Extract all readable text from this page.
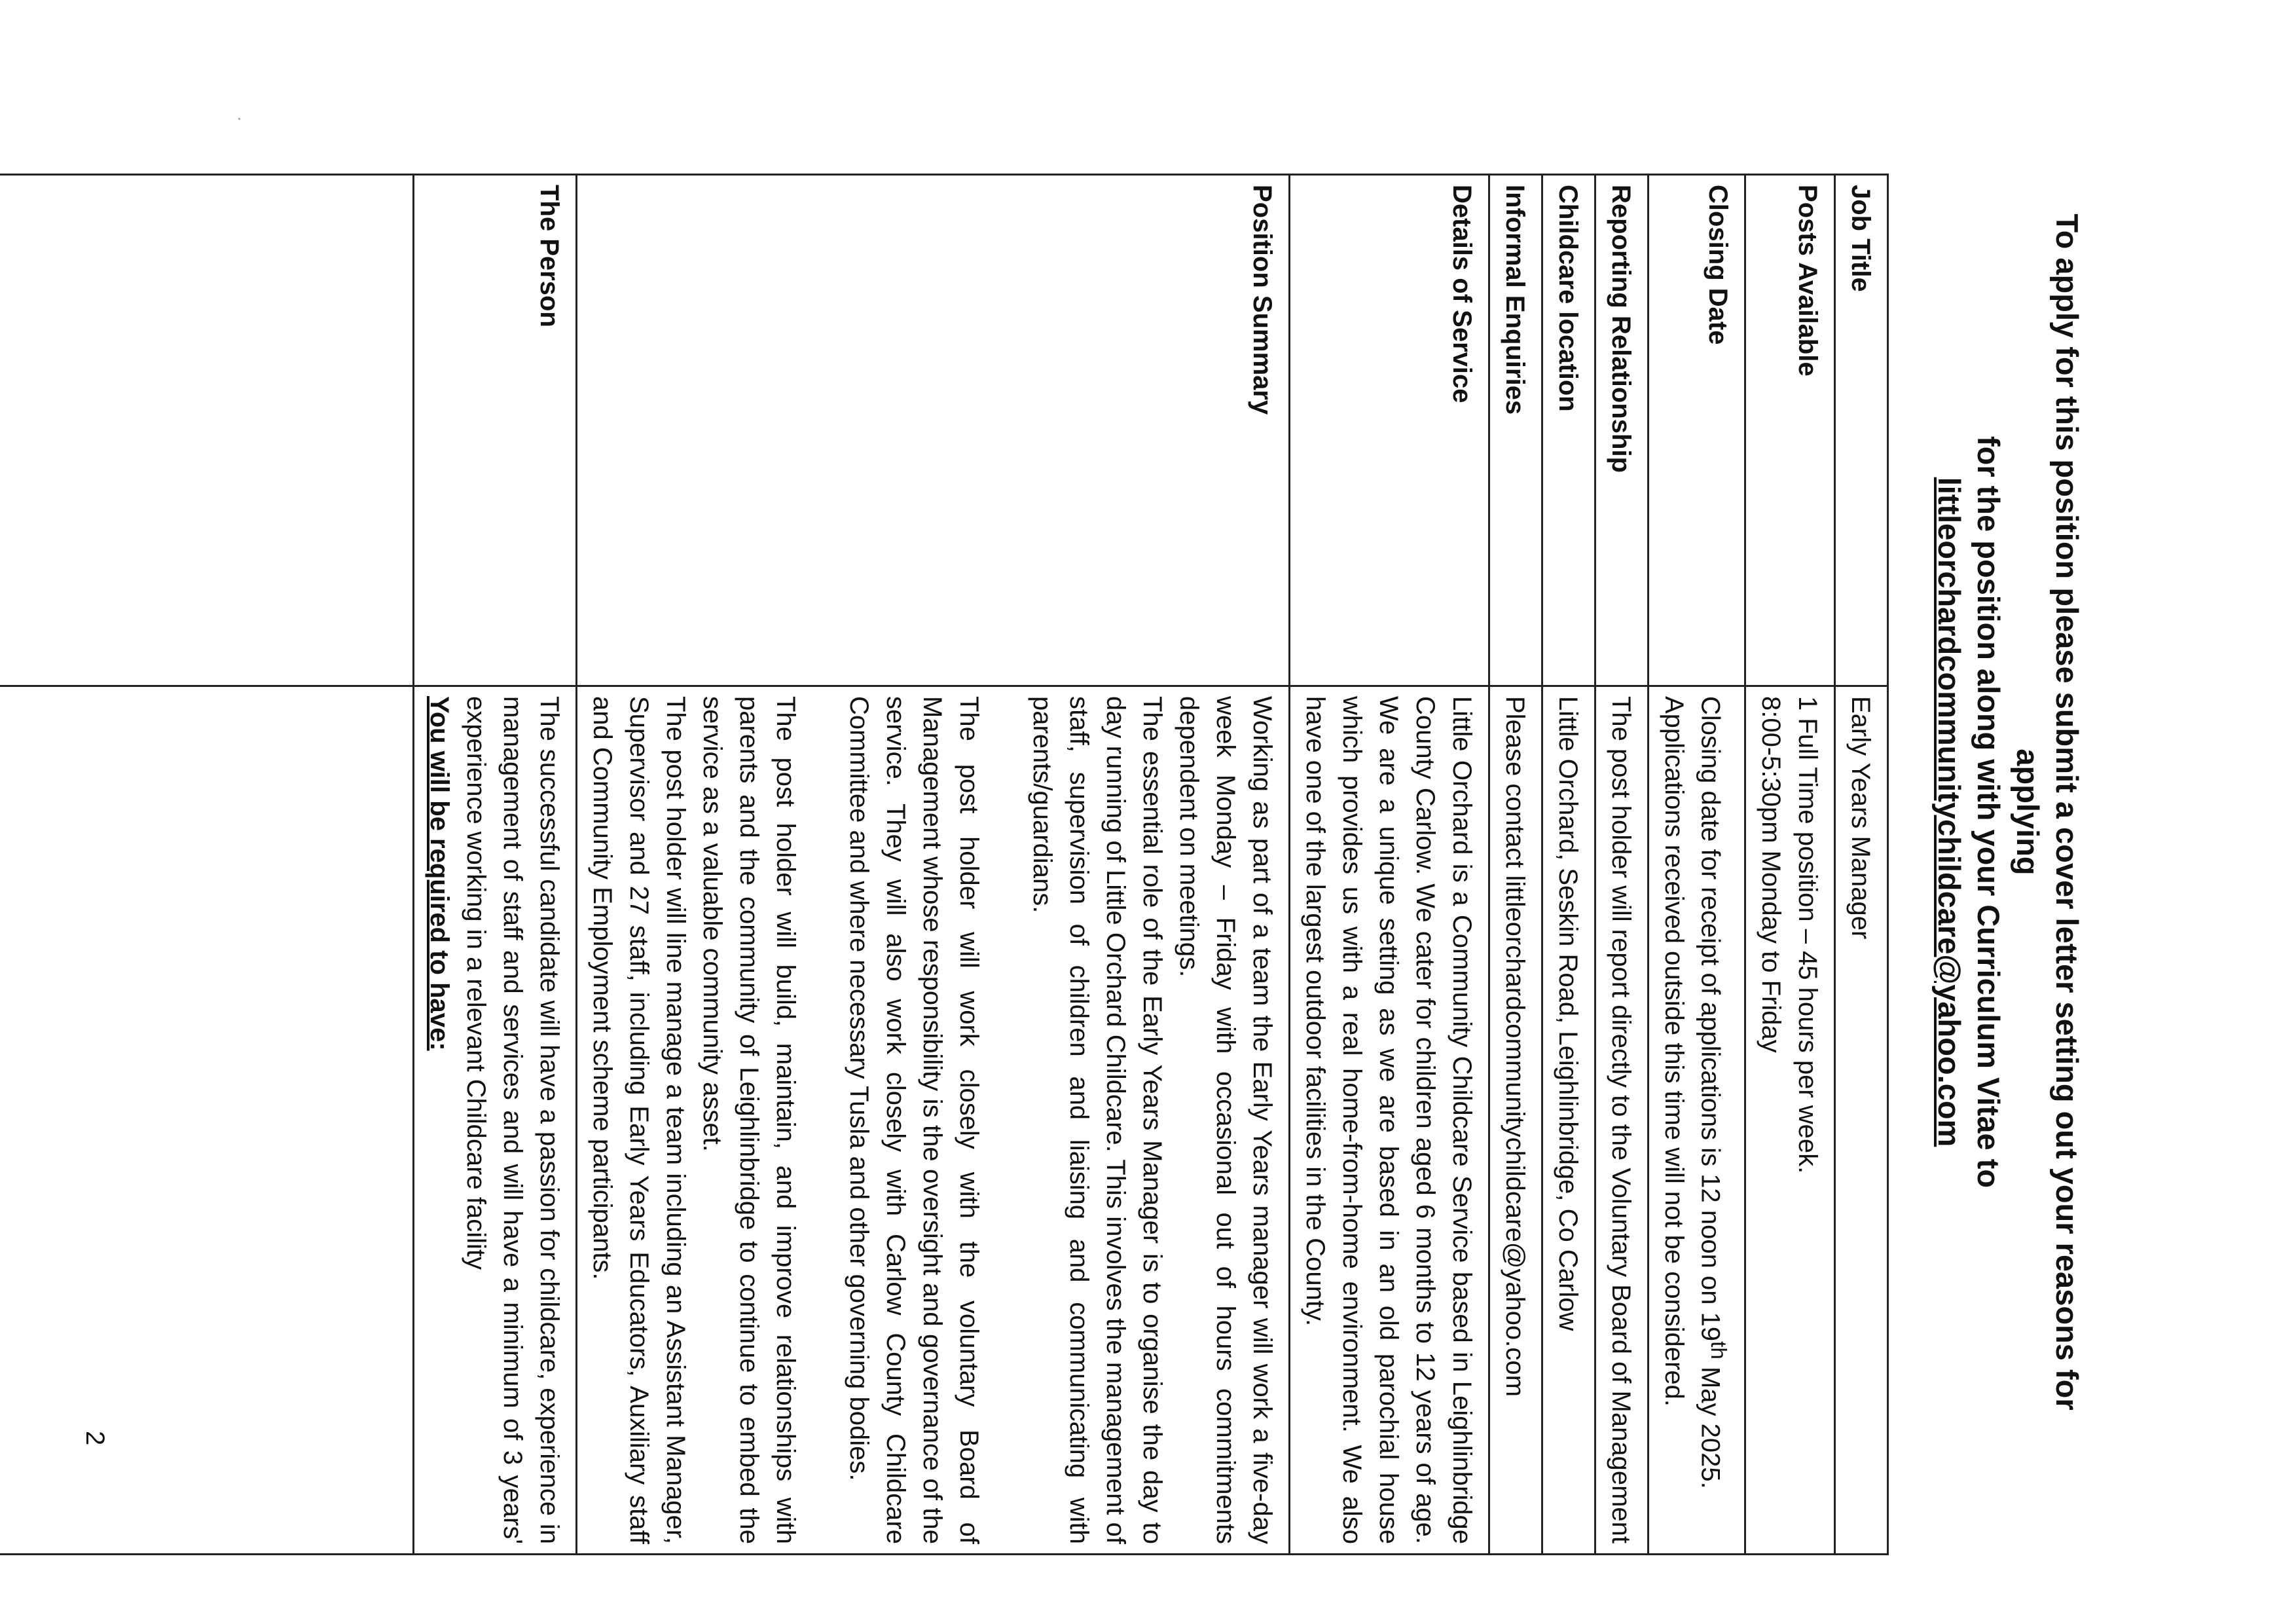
To apply for this position please submit a cover letter setting out your reasons for applying
for the position along with your Curriculum Vitae to
littleorchardcommunitychildcare@yahoo.com
Job Title	Early Years Manager
Posts Available	1 Full Time position – 45 hours per week.
8:00-5:30pm Monday to Friday

Closing Date	Closing date for receipt of applications is 12 noon on 19th May 2025. Applications received outside this time will not be considered.
Reporting Relationship	The post holder will report directly to the Voluntary Board of Management
Childcare location	Little Orchard, Seskin Road, Leighlinbridge, Co Carlow
Informal Enquiries	Please contact littleorchardcommunitychildcare@yahoo.com
Details of Service	Little Orchard is a Community Childcare Service based in Leighlinbridge County Carlow. We cater for children aged 6 months to 12 years of age. We are a unique setting as we are based in an old parochial house which provides us with a real home-from-home environment. We also have one of the largest outdoor facilities in the County.
Position Summary	Working as part of a team the Early Years manager will work a five-day week Monday – Friday with occasional out of hours commitments dependent on meetings.

The essential role of the Early Years Manager is to organise the day to day running of Little Orchard Childcare. This involves the management of staff, supervision of children and liaising and communicating with parents/guardians.

The post holder will work closely with the voluntary Board of Management whose responsibility is the oversight and governance of the service. They will also work closely with Carlow County Childcare Committee and where necessary Tusla and other governing bodies.

The post holder will build, maintain, and improve relationships with parents and the community of Leighlinbridge to continue to embed the service as a valuable community asset.

The post holder will line manage a team including an Assistant Manager, Supervisor and 27 staff, including Early Years Educators, Auxiliary staff and Community Employment scheme participants.

The Person	The successful candidate will have a passion for childcare, experience in management of staff and services and will have a minimum of 3 years' experience working in a relevant Childcare facility

You will be required to have:

2
